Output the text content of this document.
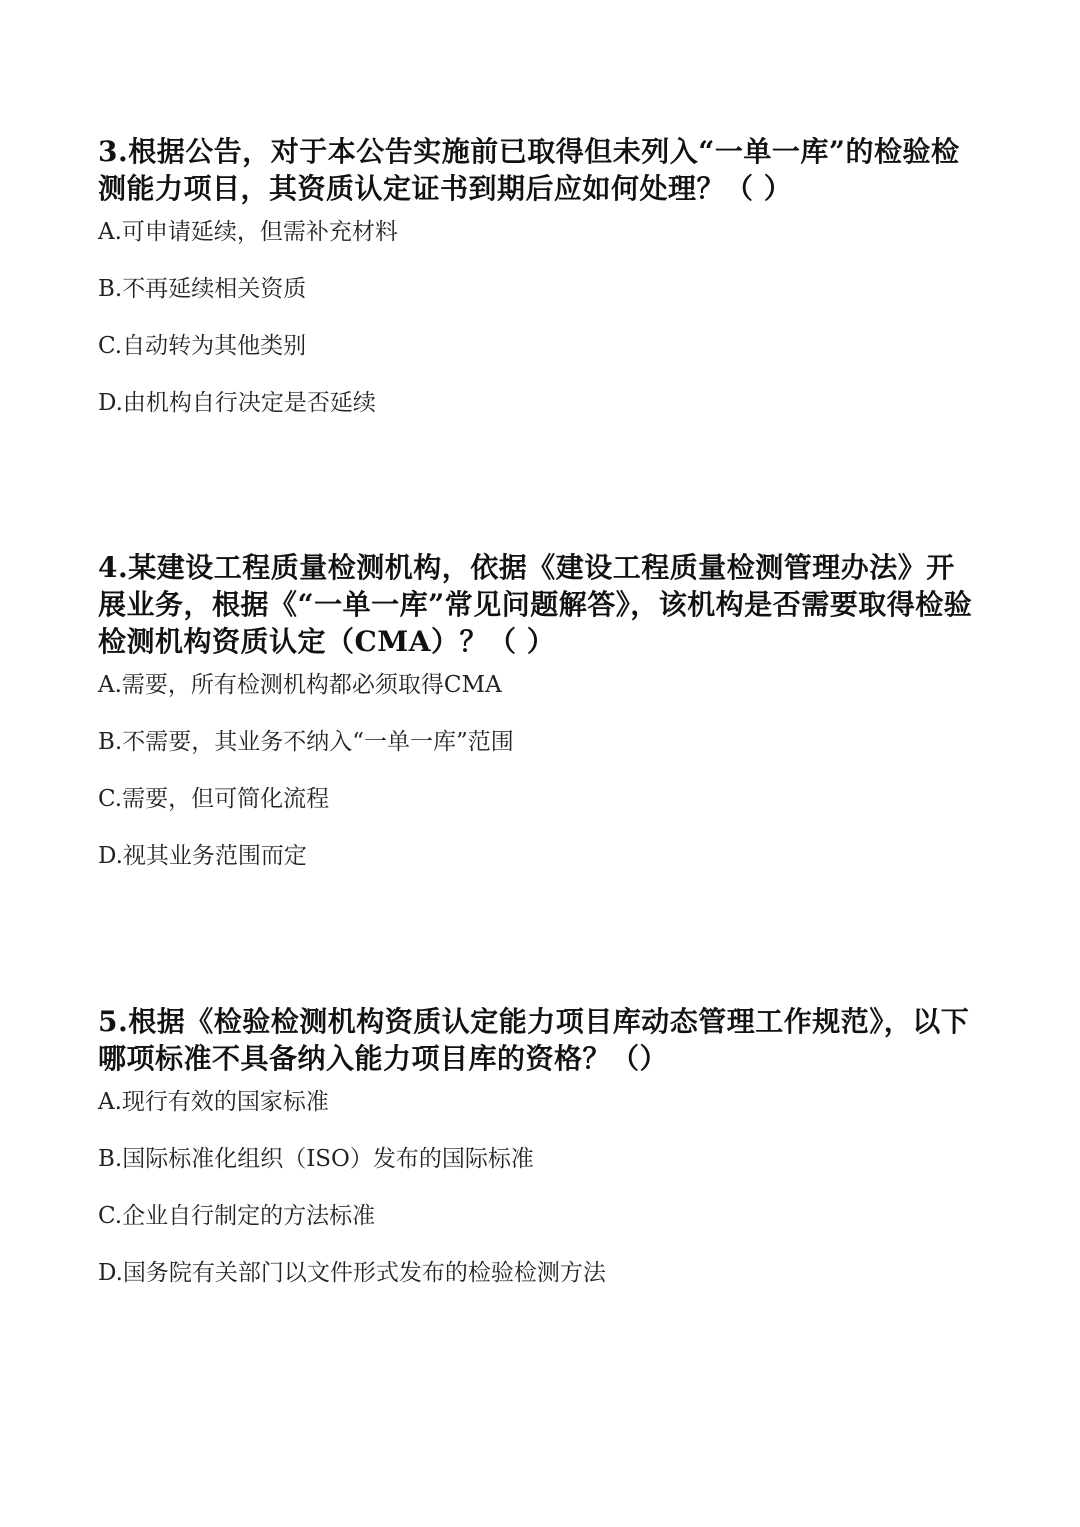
3.根据公告，对于本公告实施前已取得但未列入“一单一库”的检验检测能力项目，其资质认定证书到期后应如何处理？（ ）

A.可申请延续，但需补充材料

B.不再延续相关资质

C.自动转为其他类别

D.由机构自行决定是否延续

4.某建设工程质量检测机构，依据《建设工程质量检测管理办法》开展业务，根据《“一单一库”常见问题解答》，该机构是否需要取得检验检测机构资质认定（CMA）？（ ）

A.需要，所有检测机构都必须取得CMA

B.不需要，其业务不纳入“一单一库”范围

C.需要，但可简化流程

D.视其业务范围而定

5.根据《检验检测机构资质认定能力项目库动态管理工作规范》，以下哪项标准不具备纳入能力项目库的资格？（）

A.现行有效的国家标准

B.国际标准化组织（ISO）发布的国际标准

C.企业自行制定的方法标准

D.国务院有关部门以文件形式发布的检验检测方法
